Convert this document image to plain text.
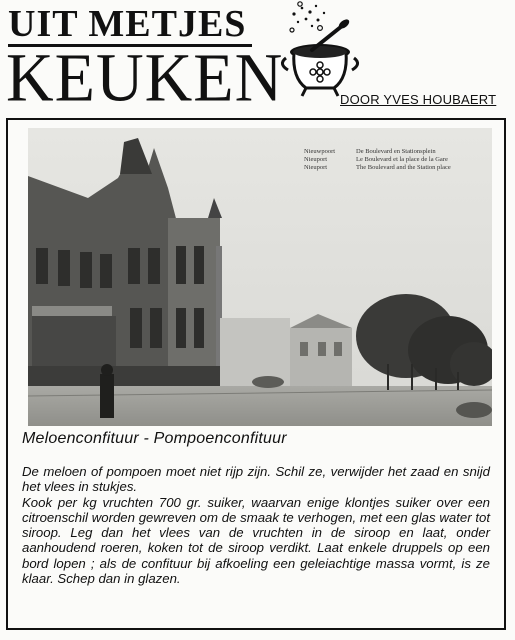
UIT METJES
KEUKEN	DOOR YVES HOUBAERT
Nieuwpoort	De Boulevard en Stationsplein
Nieuport	Le Boulevard et la place de la Gare
Nieuport	The Boulevard and the Station place
Meloenconfituur - Pompoenconfituur

De meloen of pompoen moet niet rijp zijn. Schil ze, verwijder het zaad en snijd het vlees in stukjes.

Kook per kg vruchten 700 gr. suiker, waarvan enige klontjes suiker over een citroenschil worden gewreven om de smaak te verhogen, met een glas water tot siroop. Leg dan het vlees van de vruchten in de siroop en laat, onder aanhoudend roeren, koken tot de siroop verdikt. Laat enkele druppels op een bord lopen ; als de confituur bij afkoeling een geleiachtige massa vormt, is ze klaar. Schep dan in glazen.
